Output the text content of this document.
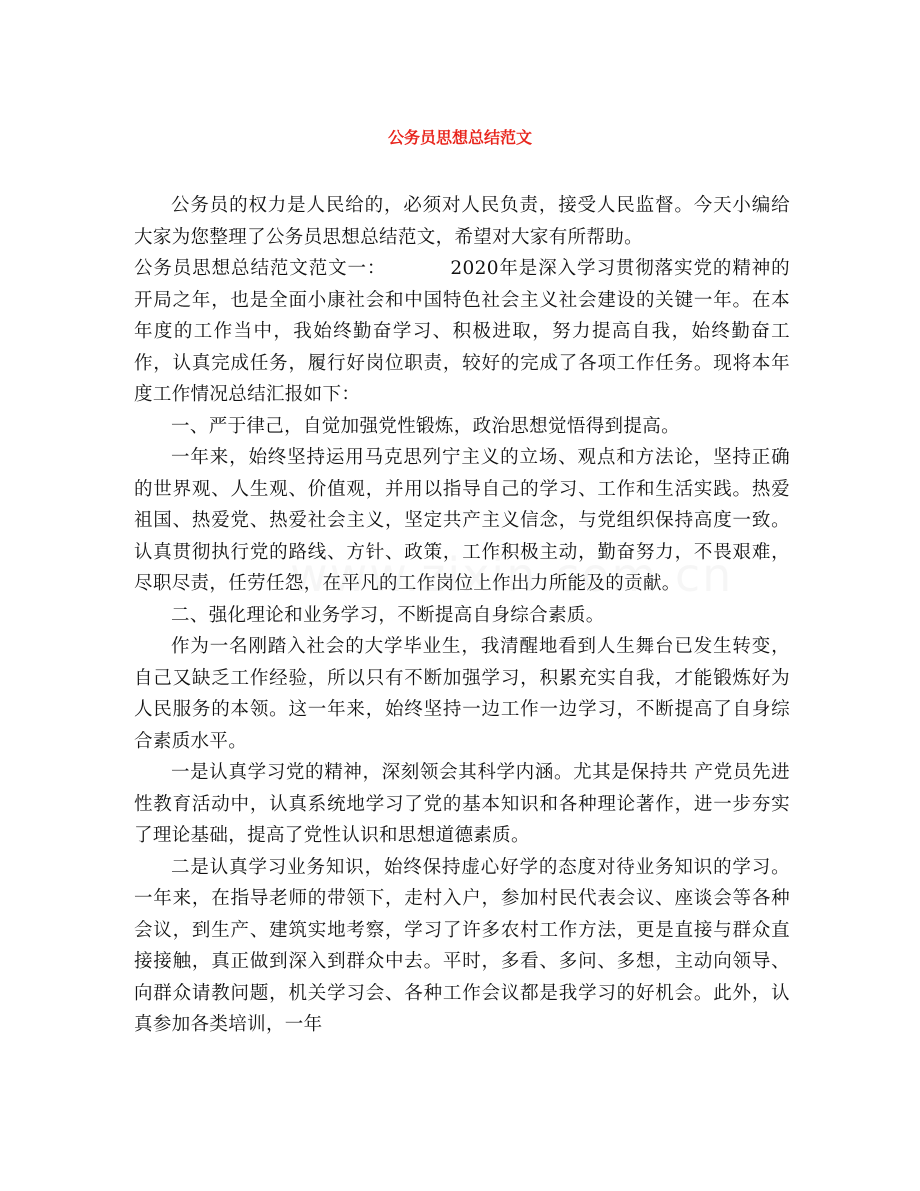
公务员思想总结范文

公务员的权力是人民给的，必须对人民负责，接受人民监督。今天小编给大家为您整理了公务员思想总结范文，希望对大家有所帮助。

公务员思想总结范文范文一：	2020年是深入学习贯彻落实党的精神的开局之年，也是全面小康社会和中国特色社会主义社会建设的关键一年。在本年度的工作当中，我始终勤奋学习、积极进取，努力提高自我，始终勤奋工作，认真完成任务，履行好岗位职责，较好的完成了各项工作任务。现将本年度工作情况总结汇报如下：

一、严于律己，自觉加强党性锻炼，政治思想觉悟得到提高。

一年来，始终坚持运用马克思列宁主义的立场、观点和方法论，坚持正确的世界观、人生观、价值观，并用以指导自己的学习、工作和生活实践。热爱祖国、热爱党、热爱社会主义，坚定共产主义信念，与党组织保持高度一致。认真贯彻执行党的路线、方针、政策，工作积极主动，勤奋努力，不畏艰难，尽职尽责，任劳任怨，在平凡的工作岗位上作出力所能及的贡献。

二、强化理论和业务学习，不断提高自身综合素质。

作为一名刚踏入社会的大学毕业生，我清醒地看到人生舞台已发生转变，自己又缺乏工作经验，所以只有不断加强学习，积累充实自我，才能锻炼好为人民服务的本领。这一年来，始终坚持一边工作一边学习，不断提高了自身综合素质水平。

一是认真学习党的精神，深刻领会其科学内涵。尤其是保持共 产党员先进性教育活动中，认真系统地学习了党的基本知识和各种理论著作，进一步夯实了理论基础，提高了党性认识和思想道德素质。

二是认真学习业务知识，始终保持虚心好学的态度对待业务知识的学习。一年来，在指导老师的带领下，走村入户，参加村民代表会议、座谈会等各种会议，到生产、建筑实地考察，学习了许多农村工作方法，更是直接与群众直接接触，真正做到深入到群众中去。平时，多看、多问、多想，主动向领导、向群众请教问题，机关学习会、各种工作会议都是我学习的好机会。此外，认真参加各类培训，一年
